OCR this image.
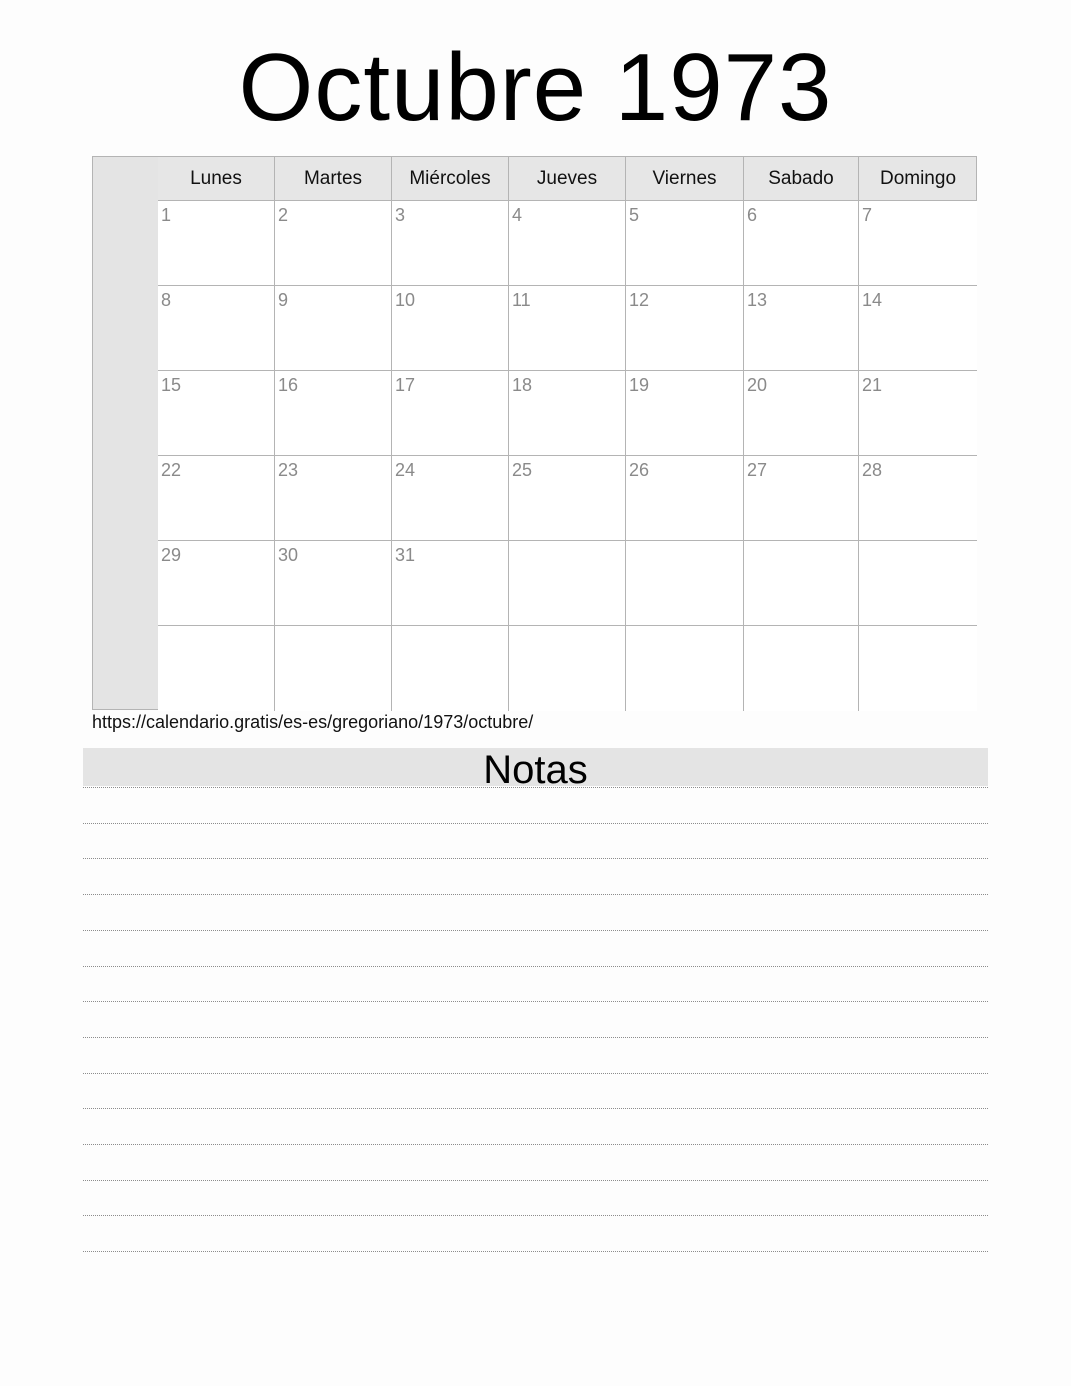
Octubre 1973
Lunes	Martes	Miércoles	Jueves	Viernes	Sabado	Domingo
1	2	3	4	5	6	7
8	9	10	11	12	13	14
15	16	17	18	19	20	21
22	23	24	25	26	27	28
29	30	31
https://calendario.gratis/es-es/gregoriano/1973/octubre/
Notas
